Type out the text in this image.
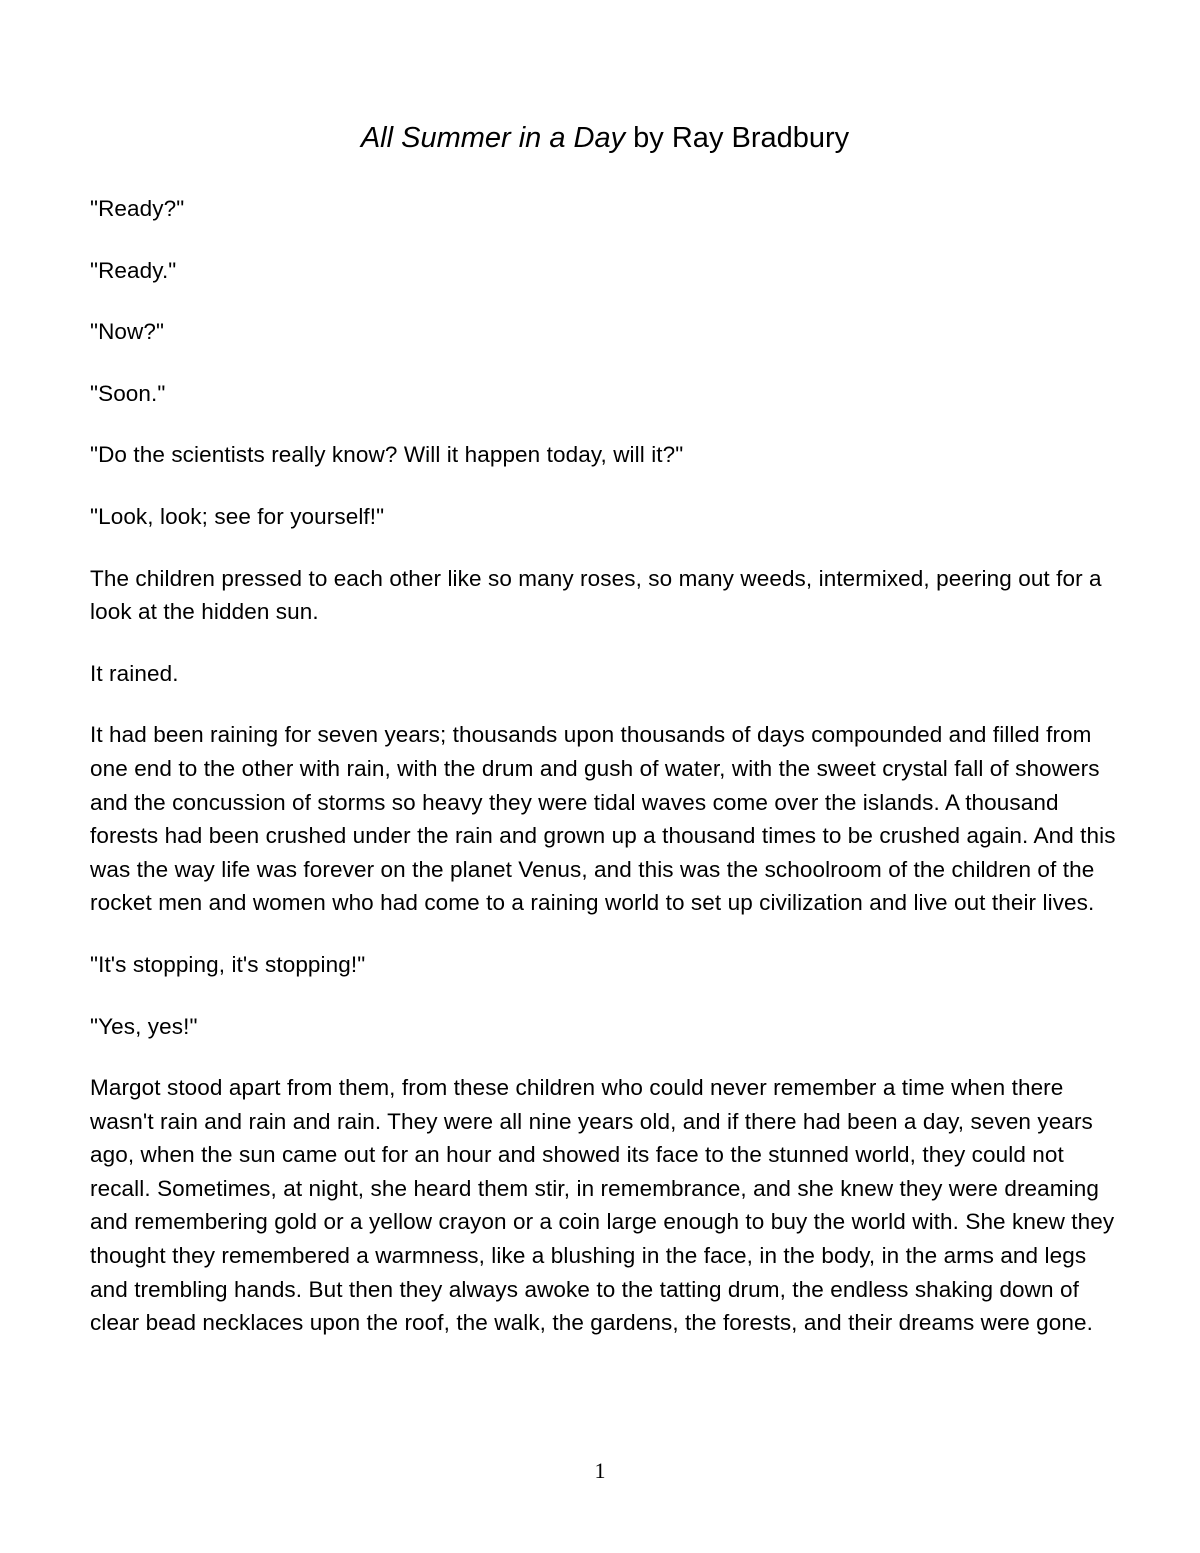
All Summer in a Day by Ray Bradbury

"Ready?"

"Ready."

"Now?"

"Soon."

"Do the scientists really know? Will it happen today, will it?"

"Look, look; see for yourself!"

The children pressed to each other like so many roses, so many weeds, intermixed, peering out for a look at the hidden sun.

It rained.

It had been raining for seven years; thousands upon thousands of days compounded and filled from one end to the other with rain, with the drum and gush of water, with the sweet crystal fall of showers and the concussion of storms so heavy they were tidal waves come over the islands. A thousand forests had been crushed under the rain and grown up a thousand times to be crushed again. And this was the way life was forever on the planet Venus, and this was the schoolroom of the children of the rocket men and women who had come to a raining world to set up civilization and live out their lives.

"It's stopping, it's stopping!"

"Yes, yes!"

Margot stood apart from them, from these children who could never remember a time when there wasn't rain and rain and rain. They were all nine years old, and if there had been a day, seven years ago, when the sun came out for an hour and showed its face to the stunned world, they could not recall. Sometimes, at night, she heard them stir, in remembrance, and she knew they were dreaming and remembering gold or a yellow crayon or a coin large enough to buy the world with. She knew they thought they remembered a warmness, like a blushing in the face, in the body, in the arms and legs and trembling hands. But then they always awoke to the tatting drum, the endless shaking down of clear bead necklaces upon the roof, the walk, the gardens, the forests, and their dreams were gone.

1
